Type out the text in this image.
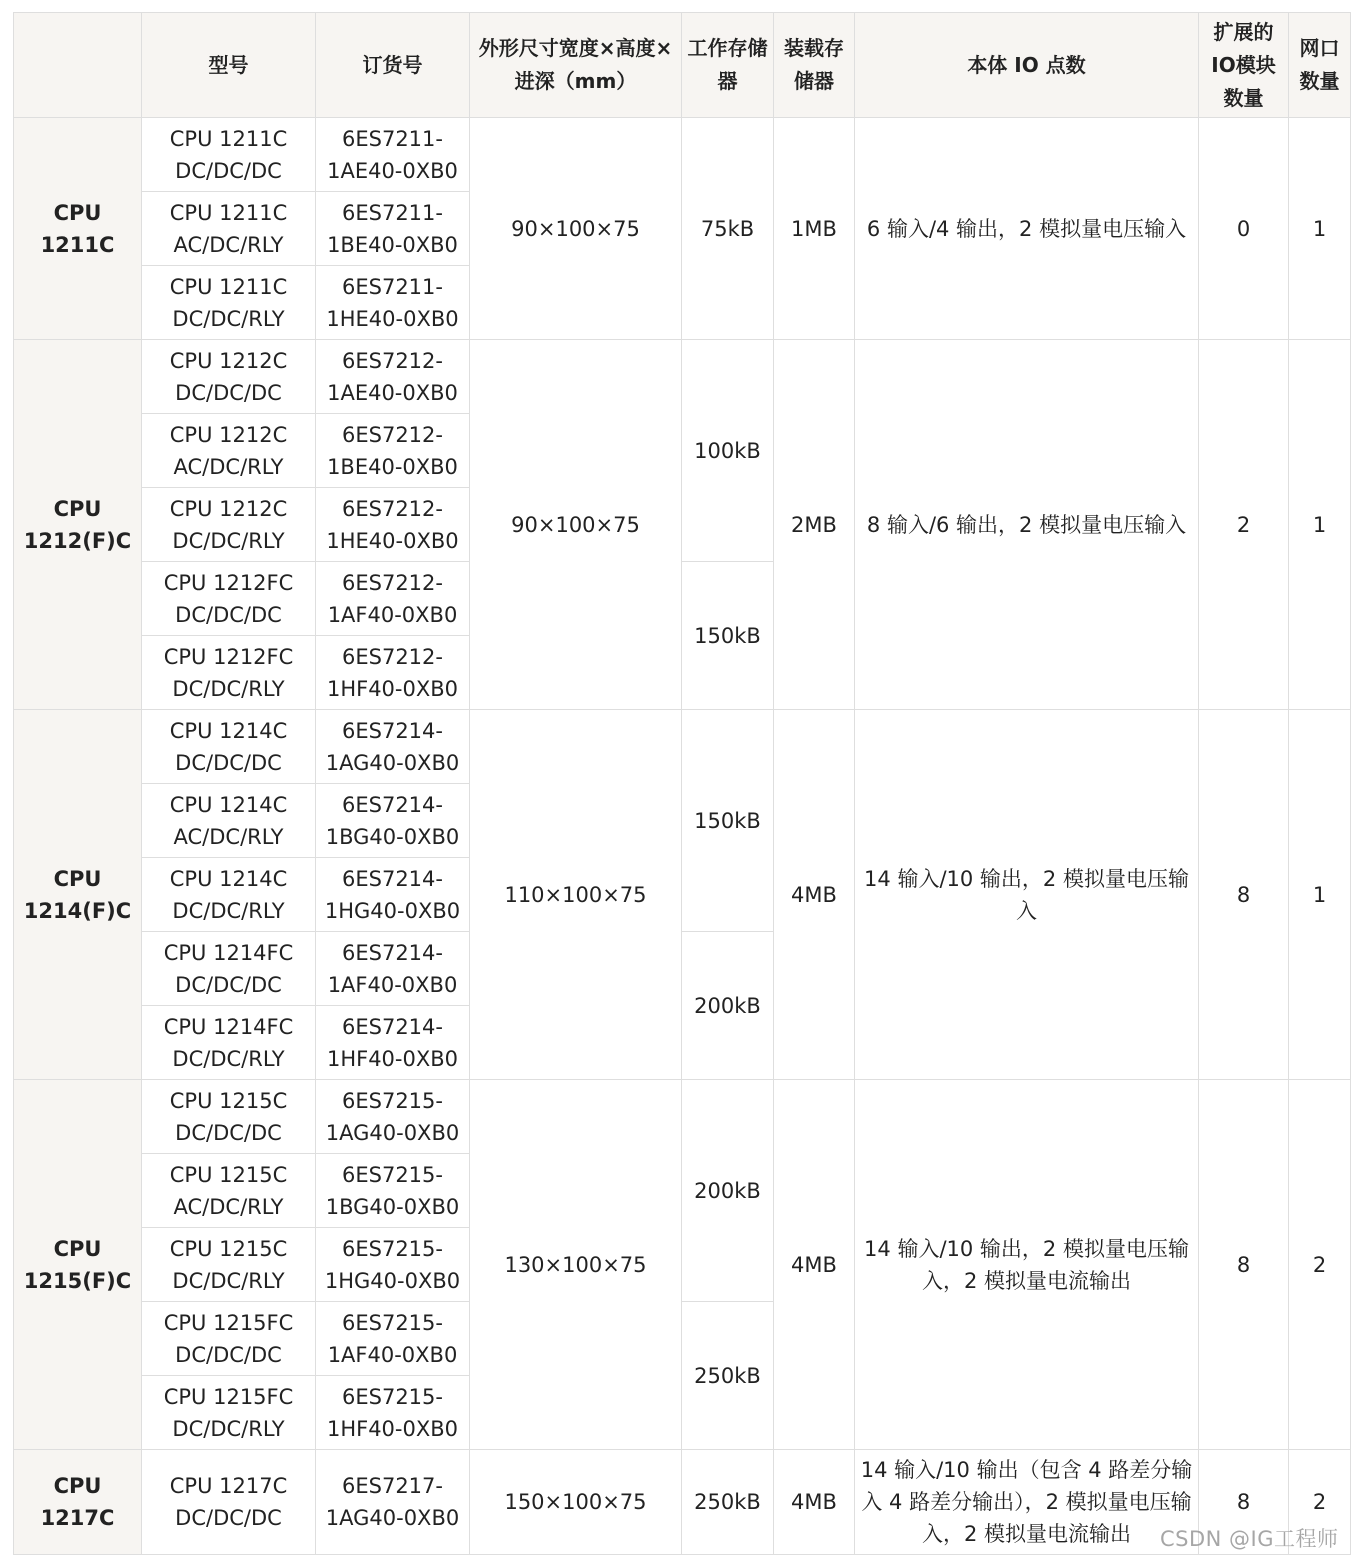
	型号	订货号	外形尺寸宽度×高度×进深（mm）	工作存储器	装载存储器	本体 IO 点数	扩展的IO模块数量	网口数量
CPU 1211C	CPU 1211C DC/DC/DC	6ES7211-1AE40-0XB0	90×100×75	75kB	1MB	6 输入/4 输出，2 模拟量电压输入	0	1
	CPU 1211C AC/DC/RLY	6ES7211-1BE40-0XB0						
	CPU 1211C DC/DC/RLY	6ES7211-1HE40-0XB0						
CPU 1212(F)C	CPU 1212C DC/DC/DC	6ES7212-1AE40-0XB0	90×100×75	100kB	2MB	8 输入/6 输出，2 模拟量电压输入	2	1
	CPU 1212C AC/DC/RLY	6ES7212-1BE40-0XB0						
	CPU 1212C DC/DC/RLY	6ES7212-1HE40-0XB0						
	CPU 1212FC DC/DC/DC	6ES7212-1AF40-0XB0		150kB				
	CPU 1212FC DC/DC/RLY	6ES7212-1HF40-0XB0						
CPU 1214(F)C	CPU 1214C DC/DC/DC	6ES7214-1AG40-0XB0	110×100×75	150kB	4MB	14 输入/10 输出，2 模拟量电压输入	8	1
	CPU 1214C AC/DC/RLY	6ES7214-1BG40-0XB0						
	CPU 1214C DC/DC/RLY	6ES7214-1HG40-0XB0						
	CPU 1214FC DC/DC/DC	6ES7214-1AF40-0XB0		200kB				
	CPU 1214FC DC/DC/RLY	6ES7214-1HF40-0XB0						
CPU 1215(F)C	CPU 1215C DC/DC/DC	6ES7215-1AG40-0XB0	130×100×75	200kB	4MB	14 输入/10 输出，2 模拟量电压输入，2 模拟量电流输出	8	2
	CPU 1215C AC/DC/RLY	6ES7215-1BG40-0XB0						
	CPU 1215C DC/DC/RLY	6ES7215-1HG40-0XB0						
	CPU 1215FC DC/DC/DC	6ES7215-1AF40-0XB0		250kB				
	CPU 1215FC DC/DC/RLY	6ES7215-1HF40-0XB0						
CPU 1217C	CPU 1217C DC/DC/DC	6ES7217-1AG40-0XB0	150×100×75	250kB	4MB	14 输入/10 输出（包含 4 路差分输入 4 路差分输出），2 模拟量电压输入，2 模拟量电流输出	8	2
CSDN @IG工程师
